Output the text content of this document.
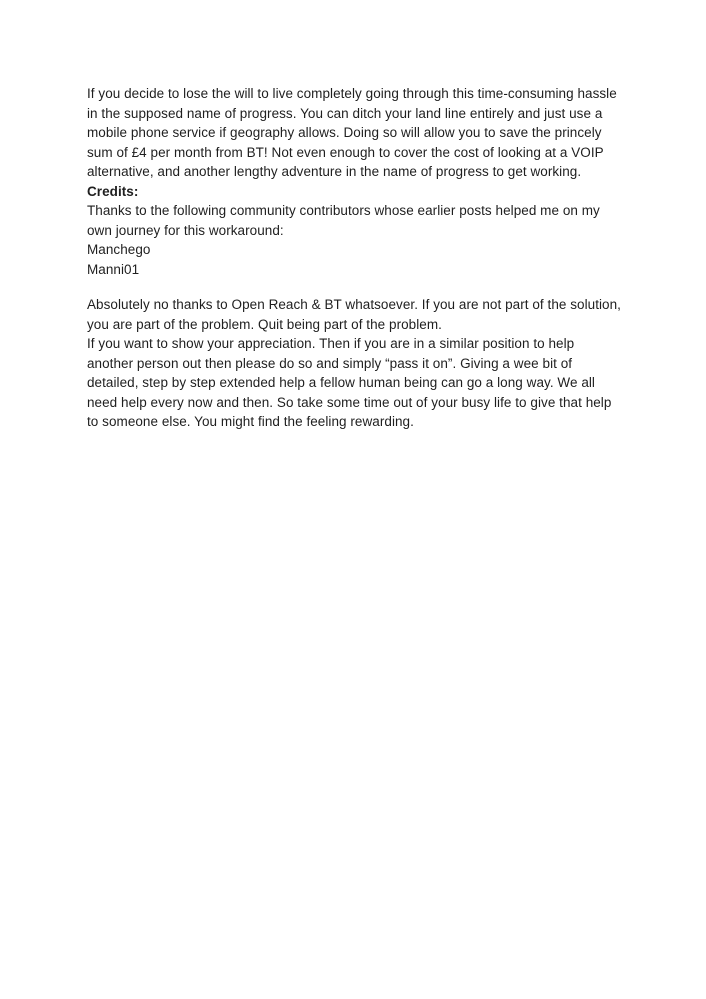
If you decide to lose the will to live completely going through this time-consuming hassle in the supposed name of progress. You can ditch your land line entirely and just use a mobile phone service if geography allows. Doing so will allow you to save the princely sum of £4 per month from BT! Not even enough to cover the cost of looking at a VOIP alternative, and another lengthy adventure in the name of progress to get working.

Credits:

Thanks to the following community contributors whose earlier posts helped me on my own journey for this workaround:

Manchego

Manni01

Absolutely no thanks to Open Reach & BT whatsoever. If you are not part of the solution, you are part of the problem. Quit being part of the problem.

If you want to show your appreciation. Then if you are in a similar position to help another person out then please do so and simply “pass it on”. Giving a wee bit of detailed, step by step extended help a fellow human being can go a long way. We all need help every now and then. So take some time out of your busy life to give that help to someone else. You might find the feeling rewarding.
